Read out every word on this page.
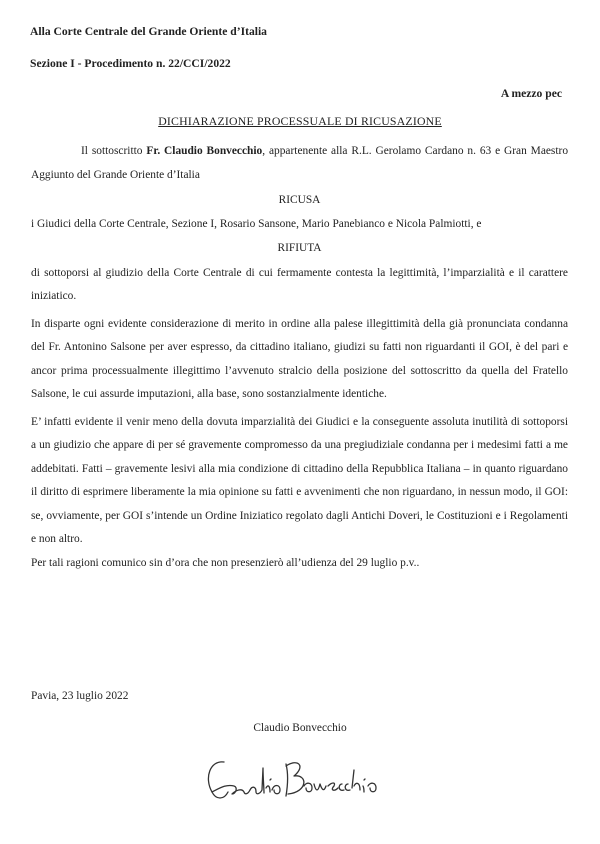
Alla Corte Centrale del Grande Oriente d’Italia
Sezione I - Procedimento n. 22/CCI/2022
A mezzo pec
DICHIARAZIONE PROCESSUALE DI RICUSAZIONE

Il sottoscritto Fr. Claudio Bonvecchio, appartenente alla R.L. Gerolamo Cardano n. 63 e Gran Maestro Aggiunto del Grande Oriente d’Italia

RICUSA

i Giudici della Corte Centrale, Sezione I, Rosario Sansone, Mario Panebianco e Nicola Palmiotti, e

RIFIUTA

di sottoporsi al giudizio della Corte Centrale di cui fermamente contesta la legittimità, l’imparzialità e il carattere iniziatico.

In disparte ogni evidente considerazione di merito in ordine alla palese illegittimità della già pronunciata condanna del Fr. Antonino Salsone per aver espresso, da cittadino italiano, giudizi su fatti non riguardanti il GOI, è del pari e ancor prima processualmente illegittimo l’avvenuto stralcio della posizione del sottoscritto da quella del Fratello Salsone, le cui assurde imputazioni, alla base, sono sostanzialmente identiche.

E’ infatti evidente il venir meno della dovuta imparzialità dei Giudici e la conseguente assoluta inutilità di sottoporsi a un giudizio che appare di per sé gravemente compromesso da una pregiudiziale condanna per i medesimi fatti a me addebitati. Fatti – gravemente lesivi alla mia condizione di cittadino della Repubblica Italiana – in quanto riguardano il diritto di esprimere liberamente la mia opinione su fatti e avvenimenti che non riguardano, in nessun modo, il GOI: se, ovviamente, per GOI s’intende un Ordine Iniziatico regolato dagli Antichi Doveri, le Costituzioni e i Regolamenti e non altro.

Per tali ragioni comunico sin d’ora che non presenzierò all’udienza del 29 luglio p.v..

Pavia, 23 luglio 2022
Claudio Bonvecchio
